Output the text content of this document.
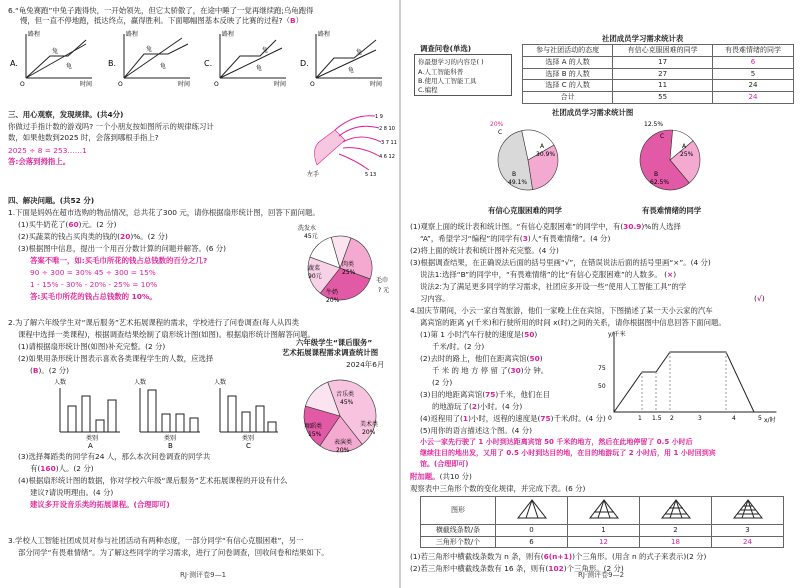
6.“龟兔赛跑”中兔子跑得快，一开始领先，但它太骄傲了，在途中睡了一觉再继续跑;乌龟跑得
慢，但一直不停地跑，抵达终点，赢得胜利。下面哪幅图基本反映了比赛的过程?（B）
A.
路程
时间
兔
龟
O
B.
路程
时间
兔
龟
O
C.
路程
时间
兔
龟
O
D.
路程
时间
兔
龟
O
三、用心观察，发现规律。(共4分)
你做过手指计数的游戏吗? 一个小朋友按如图所示的规律练习计
数，如果他数到2025 时，会落到哪根手指上?
2025 ÷ 8 = 253……1
答:会落到拇指上。
1 9
2 8 10
3 7 11
4 6 12
5 13
左手
四、解决问题。(共52 分)
1.下面是妈妈在超市选购的物品情况，总共花了300 元，请你根据扇形统计图，回答下面问题。
(1)买牛奶花了(60)元。(2 分)
(2)买蔬菜的钱占买肉类的钱的(20)%。(2 分)
(3)根据图中信息，提出一个用百分数计算的问题并解答。(6 分)
答案不唯一，如:买毛巾所花的钱占总钱数的百分之几?
90 ÷ 300 = 30% 45 ÷ 300 = 15%
1 - 15% - 30% - 20% - 25% = 10%
答:买毛巾所花的钱占总钱数的 10%。
洗发水
45元
肉类
25%
蔬菜
90元
牛奶
20%
毛巾
? 元
2.为了解六年级学生对“课后服务”艺术拓展课程的需求，学校进行了问卷调查(每人从四类
课程中选择一类课程)，根据调查结果绘制了扇形统计图(如图)。根据扇形统计图解答问题。
(1)请根据扇形统计图(如图)补充完整。(2 分)
(2)如果用条形统计图表示喜欢各类课程学生的人数，应选择
(B)。(2 分)
人数
类别
A
人数
类别
B
人数
类别
C
六年级学生“课后服务”
艺术拓展课程需求调查统计图
2024年6月
音乐类
45%
美术类
20%
表演类
20%
舞蹈类
15%
(3)选择舞蹈类的同学有24 人，那么本次问卷调查的同学共
有(160)人。(2 分)
(4)根据扇形统计图的数据，你对学校六年级“课后服务”艺术拓展课程的开设有什么
建议?请说明理由。(4 分)
建议多开设音乐类的拓展课程。(合理即可)
3.学校人工智能社团成员对参与社团活动有两种态度，一部分同学“有信心克服困难”，另一
部分同学“有畏难情绪”。为了解这些同学的学习需求，进行了问卷调查，回收问卷和结果如下。
RJ·测评卷9—1
调查问卷(单选)
你最想学习的内容是( )
A.人工智能科普
B.使用人工智能工具
C.编程
社团成员学习需求统计表
参与社团活动的态度	有信心克服困难的同学	有畏难情绪的同学
选择 A 的人数	17	6
选择 B 的人数	27	5
选择 C 的人数	11	24
合计	55	24
社团成员学习需求统计图
20%
C
A
30.9%
B
49.1%
有信心克服困难的同学
12.5%
C
A
25%
B
62.5%
有畏难情绪的同学
(1)观察上面的统计表和统计图。“有信心克服困难”的同学中，有(30.9)%的人选择
“A”，希望学习“编程”的同学有(3)人“有畏难情绪”。(4 分)
(2)将上面的统计表和统计图补充完整。(4 分)
(3)根据调查结果，在正确说法后面的括号里画“√”，在错误说法后面的括号里画“×”。(4 分)
说法1:选择“B”的同学中，“有畏难情绪”的比“有信心克服困难”的人数多。 (×)
说法2:为了满足更多同学的学习需求，社团应多开设一些“使用人工智能工具”的学
习内容。	(√)
4.国庆节期间，小云一家自驾旅游，他们一家晚上住在宾馆，下图描述了某一天小云家的汽车
离宾馆的距离 y(千米)和行驶所用的时间 x(时)之间的关系，请你根据图中信息回答下面问题。
(1)第 1 小时汽车行驶的速度是(50)
千米/时。(2 分)
(2)去时的路上，他们在距离宾馆(50)
千 米 的 地 方 停 留 了(30)分 钟。
(2 分)
(3)目的地距离宾馆(75)千米，他们在目
的地游玩了(2)小时。(4 分)
(4)返程用了(1)小时，返程的速度是(75)千米/时。(4 分)
(5)用你的语言描述这个图。(4 分)
小云一家先行驶了 1 小时到达距离宾馆 50 千米的地方，然后在此地停留了 0.5 小时后
继续往目的地出发，又用了 0.5 小时到达目的地，在目的地游玩了 2 小时后，用 1 小时回到宾
馆。(合理即可)
y/千米
x/时
0
75
50
1 1.5 2	3	4	5
附加题。(共10 分)
观察表中三角形个数的变化规律，并完成下表。(6 分)
图形				
横截线条数/条	0	1	2	3
三角形个数/个	6	12	18	24
(1)若三角形中横截线条数为 n 条，则有(6(n+1))个三角形。(用含 n 的式子来表示)(2 分)
(2)若三角形中横截线条数有 16 条，则有(102)个三角形。(2 分)
RJ·测评卷9—2
